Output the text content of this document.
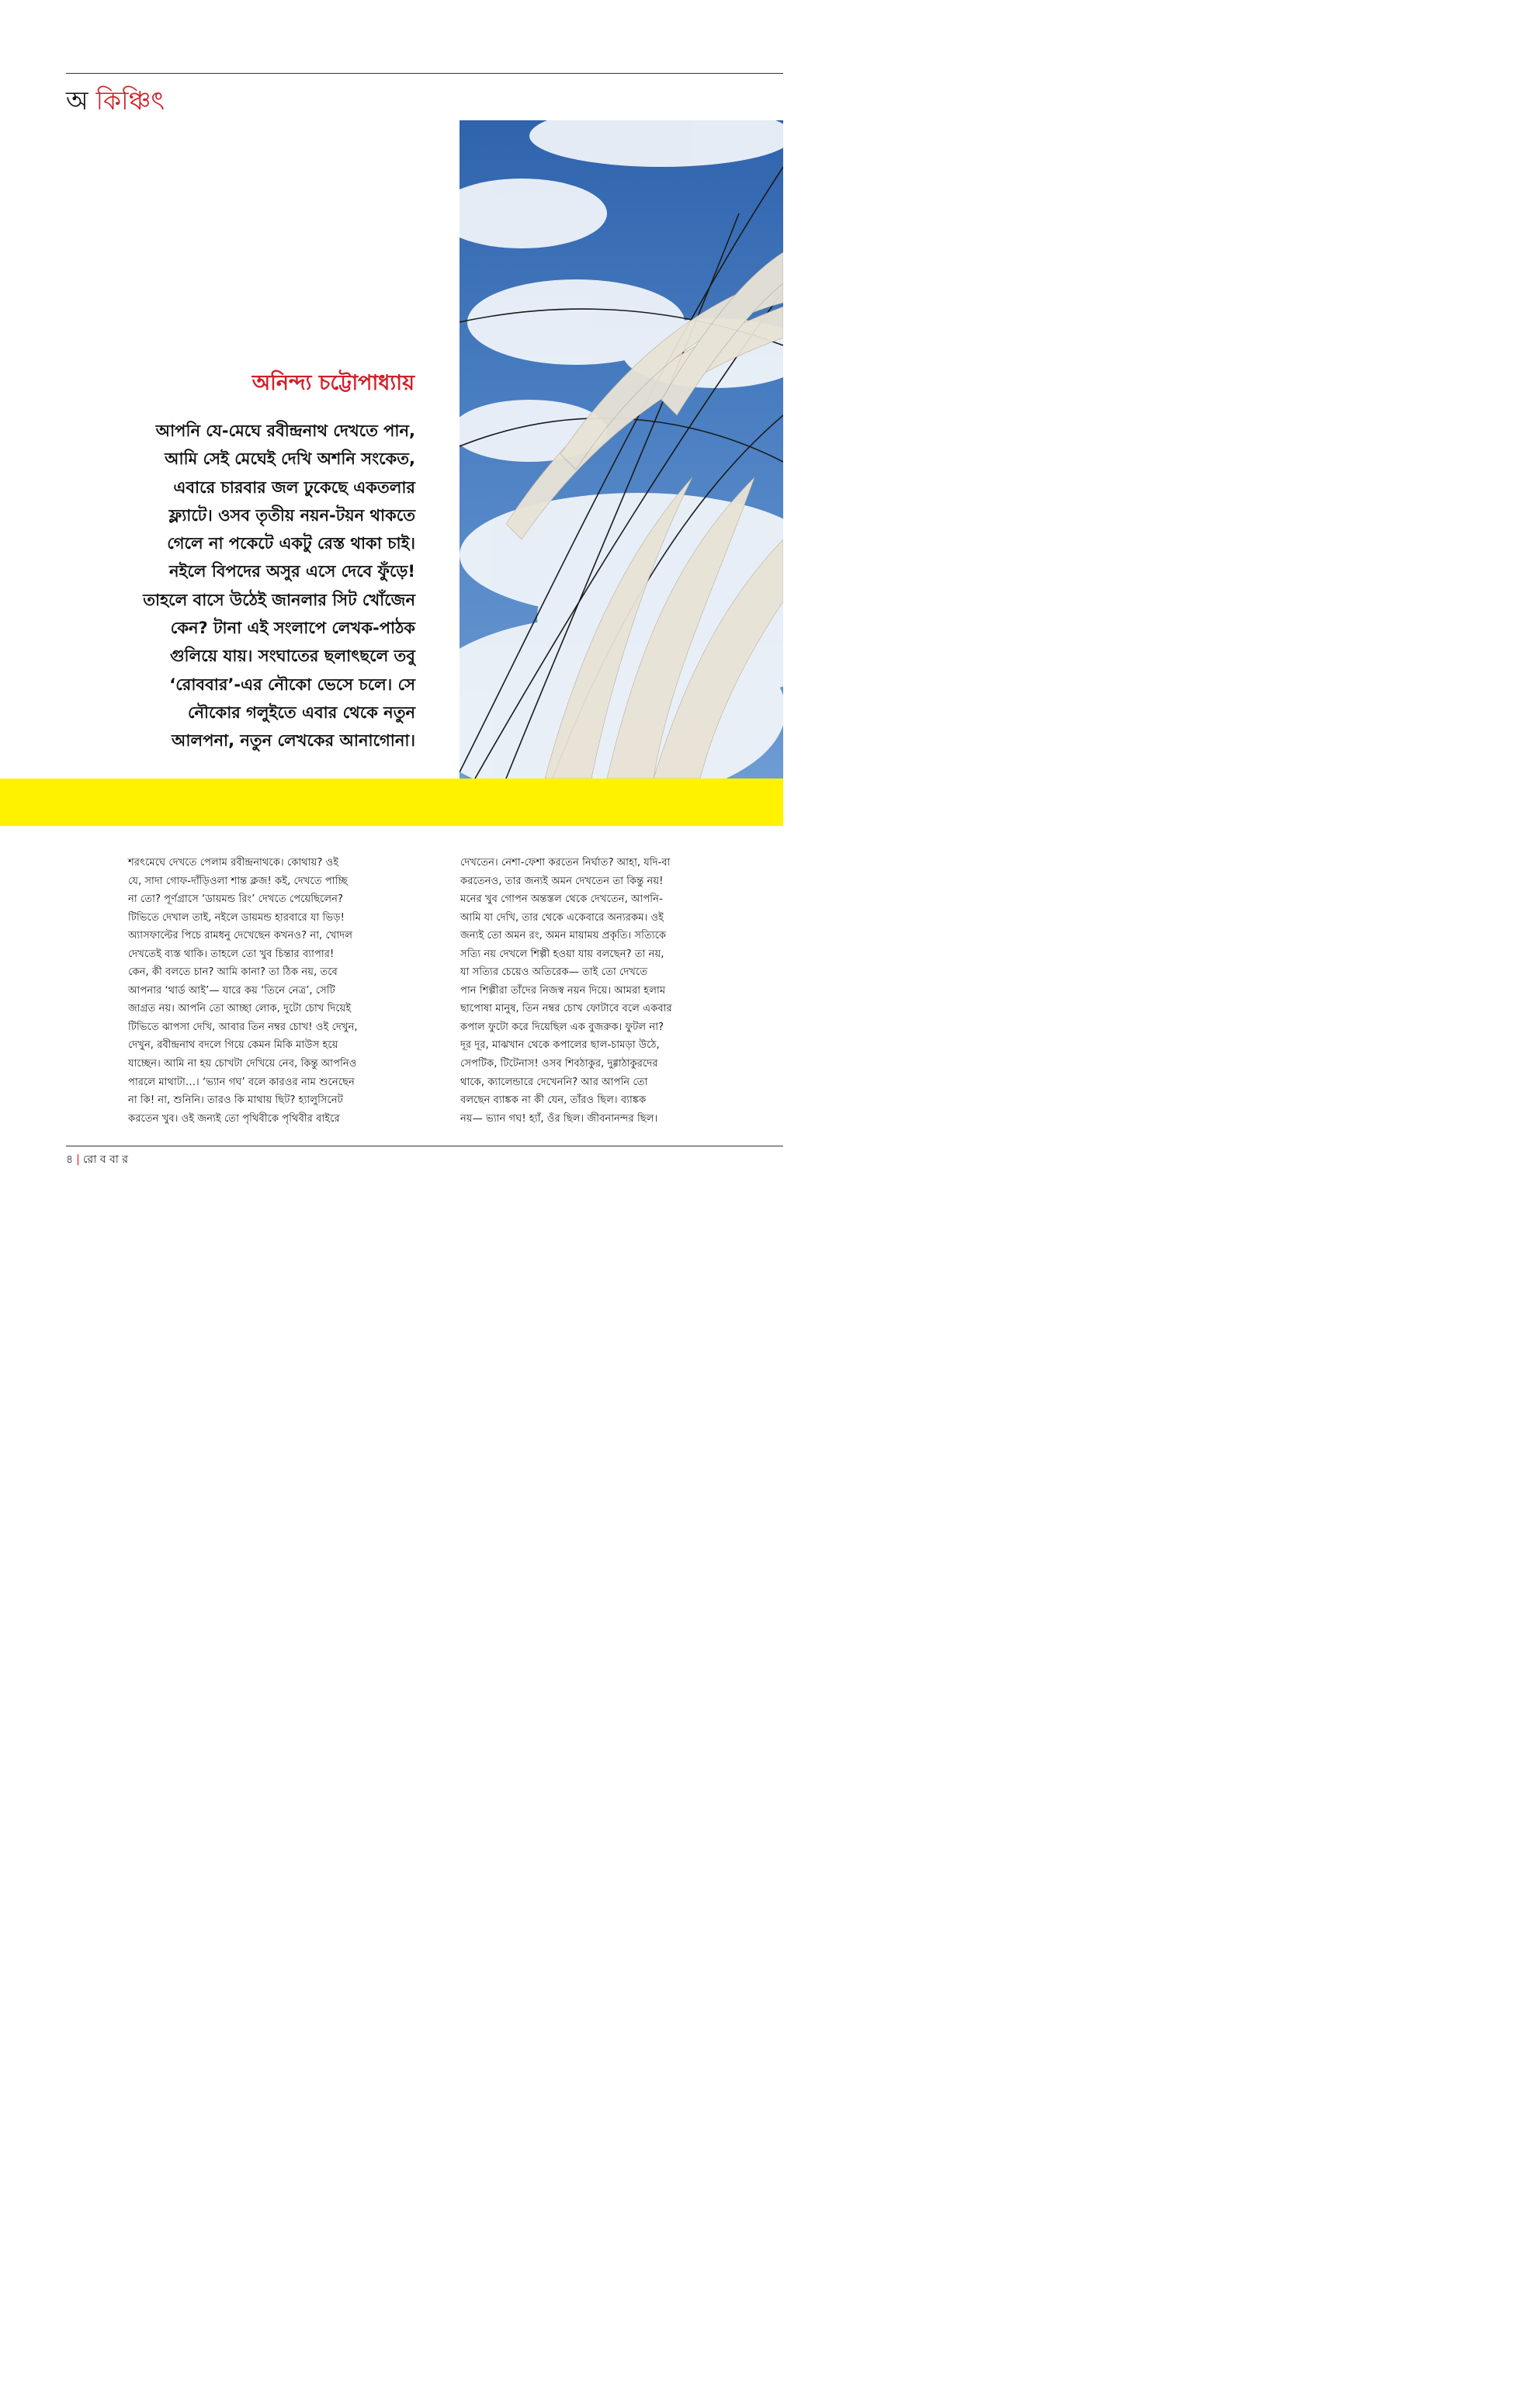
অ কিঞ্চিৎ
অনিন্দ্য চট্টোপাধ্যায়
আপনি যে-মেঘে রবীন্দ্রনাথ দেখতে পান,
আমি সেই মেঘেই দেখি অশনি সংকেত,
এবারে চারবার জল ঢুকেছে একতলার
ফ্ল্যাটে। ওসব তৃতীয় নয়ন-টয়ন থাকতে
গেলে না পকেটে একটু রেস্ত থাকা চাই।
নইলে বিপদের অসুর এসে দেবে ফুঁড়ে!
তাহলে বাসে উঠেই জানলার সিট খোঁজেন
কেন? টানা এই সংলাপে লেখক-পাঠক
গুলিয়ে যায়। সংঘাতের ছলাৎছলে তবু
‘রোববার’-এর নৌকো ভেসে চলে। সে
নৌকোর গলুইতে এবার থেকে নতুন
আলপনা, নতুন লেখকের আনাগোনা।
শরৎমেঘে দেখতে পেলাম রবীন্দ্রনাথকে। কোথায়? ওই
যে, সাদা গোফ-দাঁড়িওলা শান্ত ক্লজ! কই, দেখতে পাচ্ছি
না তো? পূর্ণগ্রাসে ‘ডায়মন্ড রিং’ দেখতে পেয়েছিলেন?
টিভিতে দেখাল তাই, নইলে ডায়মন্ড হারবারে যা ভিড়!
অ্যাসফাল্টের পিচে রামধনু দেখেছেন কখনও? না, খোদল
দেখতেই ব্যস্ত থাকি। তাহলে তো খুব চিন্তার ব্যাপার!
কেন, কী বলতে চান? আমি কানা? তা ঠিক নয়, তবে
আপনার ‘থার্ড আই’— যারে কয় ‘তিনে নেত্র’, সেটি
জাগ্রত নয়। আপনি তো আচ্ছা লোক, দুটো চোখ দিয়েই
টিভিতে ঝাপসা দেখি, আবার তিন নম্বর চোখ! ওই দেখুন,
দেখুন, রবীন্দ্রনাথ বদলে গিয়ে কেমন মিকি মাউস হয়ে
যাচ্ছেন। আমি না হয় চোখটা দেখিয়ে নেব, কিন্তু আপনিও
পারলে মাথাটা…। ‘ভ্যান গঘ’ বলে কারওর নাম শুনেছেন
না কি! না, শুনিনি। তারও কি মাথায় ছিট? হ্যালুসিনেট
করতেন খুব। ওই জন্যই তো পৃথিবীকে পৃথিবীর বাইরে
দেখতেন। নেশা-ফেশা করতেন নির্ঘাত? আহা, যদি-বা
করতেনও, তার জন্যই অমন দেখতেন তা কিন্তু নয়!
মনের খুব গোপন অন্তস্তল থেকে দেখতেন, আপনি-
আমি যা দেখি, তার থেকে একেবারে অন্যরকম। ওই
জন্যই তো অমন রং, অমন মায়াময় প্রকৃতি। সত্যিকে
সত্যি নয় দেখলে শিল্পী হওয়া যায় বলছেন? তা নয়,
যা সত্যির চেয়েও অতিরেক— তাই তো দেখতে
পান শিল্পীরা তাঁদের নিজস্ব নয়ন দিয়ে। আমরা হলাম
ছাপোষা মানুষ, তিন নম্বর চোখ ফোটাবে বলে একবার
কপাল ফুটো করে দিয়েছিল এক বুজরুক। ফুটল না?
দূর দূর, মাঝখান থেকে কপালের ছাল-চামড়া উঠে,
সেপটিক, টিটেনাস! ওসব শিবঠাকুর, দুগ্গাঠাকুরদের
থাকে, ক্যালেন্ডারে দেখেননি? আর আপনি তো
বলছেন ব্যাঙ্কক না কী যেন, তাঁরও ছিল। ব্যাঙ্কক
নয়— ভ্যান গঘ! হ্যাঁ, ওঁর ছিল। জীবনানন্দর ছিল।
৪ | রো ব বা র
